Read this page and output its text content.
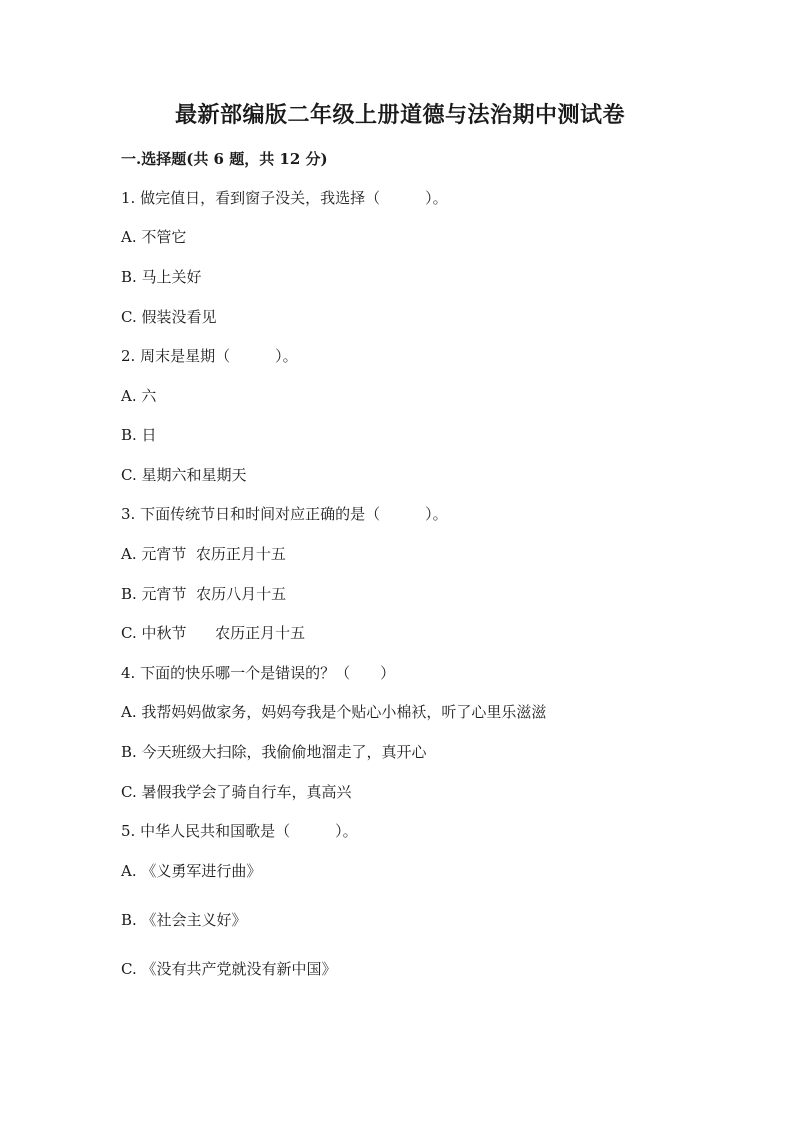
最新部编版二年级上册道德与法治期中测试卷
一.选择题(共 6 题，共 12 分)
1. 做完值日，看到窗子没关，我选择（　　　）。
A. 不管它
B. 马上关好
C. 假装没看见
2. 周末是星期（　　　）。
A. 六
B. 日
C. 星期六和星期天
3. 下面传统节日和时间对应正确的是（　　　）。
A. 元宵节  农历正月十五
B. 元宵节  农历八月十五
C. 中秋节      农历正月十五
4. 下面的快乐哪一个是错误的？（　　）
A. 我帮妈妈做家务，妈妈夸我是个贴心小棉袄，听了心里乐滋滋
B. 今天班级大扫除，我偷偷地溜走了，真开心
C. 暑假我学会了骑自行车，真高兴
5. 中华人民共和国歌是（　　　）。
A. 《义勇军进行曲》
B. 《社会主义好》
C. 《没有共产党就没有新中国》
